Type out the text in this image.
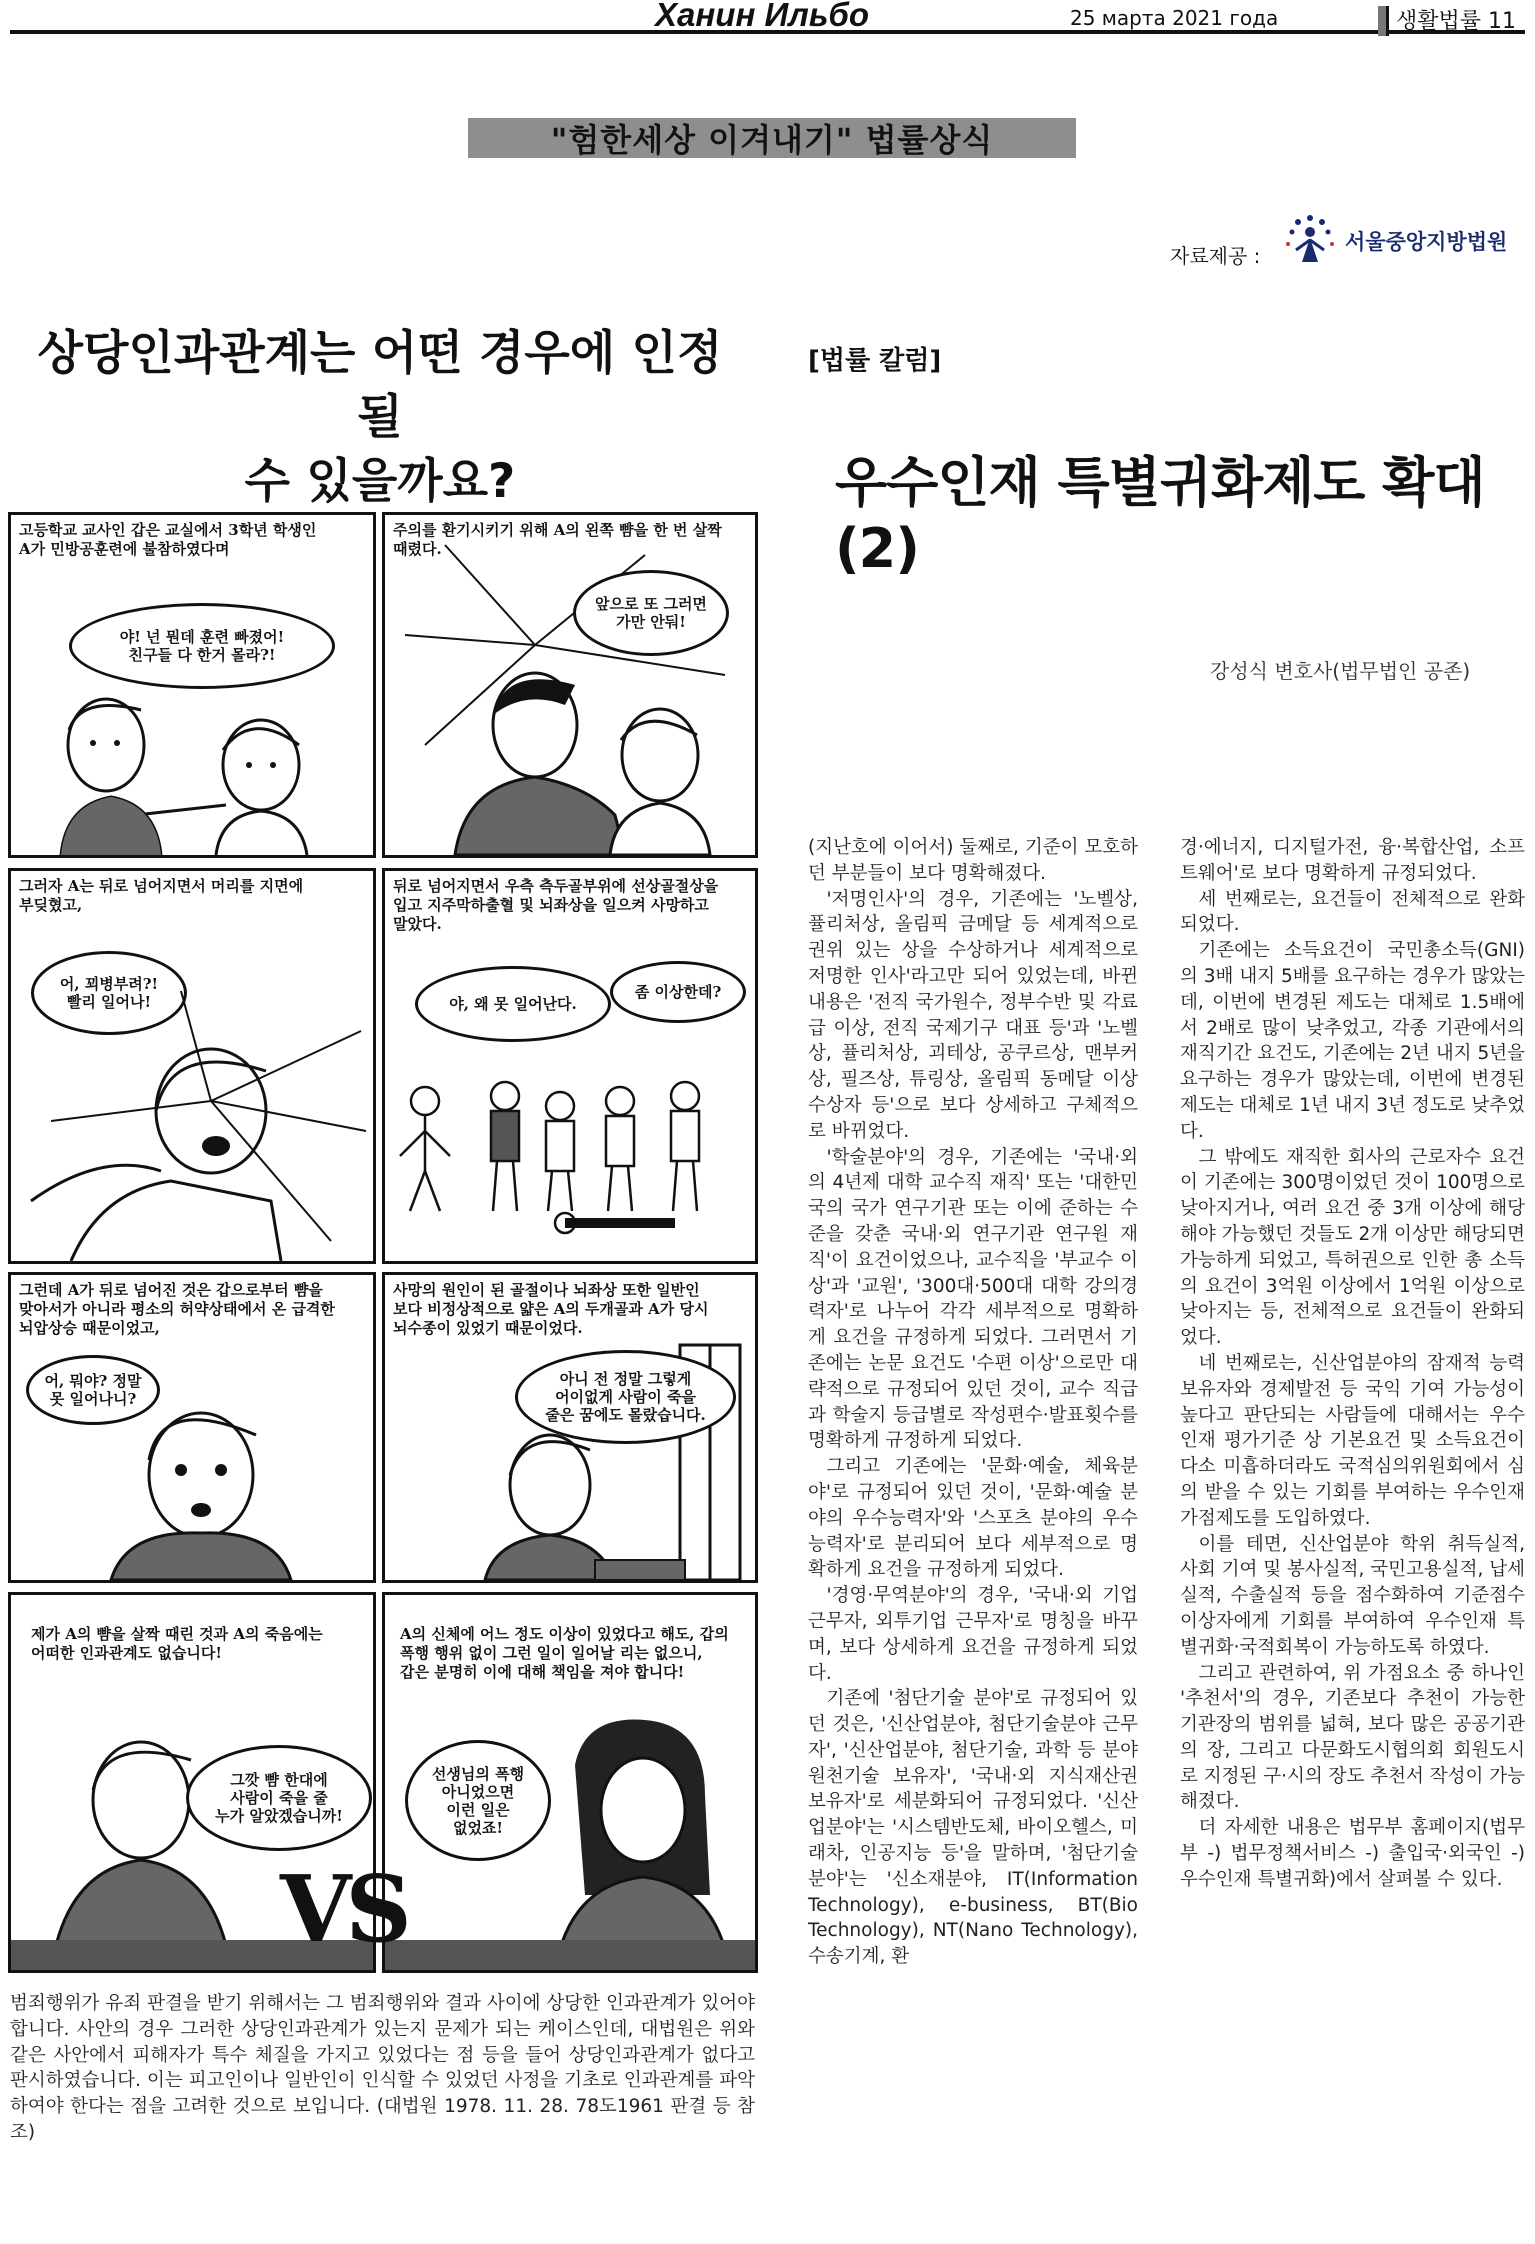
Ханин Ильбо	25 марта 2021 года	생활법률 11
"험한세상 이겨내기" 법률상식
자료제공 :
서울중앙지방법원
상당인과관계는 어떤 경우에 인정될
수 있을까요?
[법률 칼럼]
우수인재 특별귀화제도 확대 (2)
강성식 변호사(법무법인 공존)
고등학교 교사인 갑은 교실에서 3학년 학생인
A가 민방공훈련에 불참하였다며
야! 넌 뭔데 훈련 빠졌어!
친구들 다 한거 몰라?!
주의를 환기시키기 위해 A의 왼쪽 뺨을 한 번 살짝
때렸다.
앞으로 또 그러면
가만 안둬!
그러자 A는 뒤로 넘어지면서 머리를 지면에
부딪혔고,
어, 꾀병부려?!
빨리 일어나!
뒤로 넘어지면서 우측 측두골부위에 선상골절상을
입고 지주막하출혈 및 뇌좌상을 일으켜 사망하고
말았다.
야, 왜 못 일어난다.
좀 이상한데?
그런데 A가 뒤로 넘어진 것은 갑으로부터 뺨을
맞아서가 아니라 평소의 허약상태에서 온 급격한
뇌압상승 때문이었고,
어, 뭐야? 정말
못 일어나니?
사망의 원인이 된 골절이나 뇌좌상 또한 일반인
보다 비정상적으로 얇은 A의 두개골과 A가 당시
뇌수종이 있었기 때문이었다.
아니 전 정말 그렇게
어이없게 사람이 죽을
줄은 꿈에도 몰랐습니다.
제가 A의 뺨을 살짝 때린 것과 A의 죽음에는
어떠한 인과관계도 없습니다!
그깟 뺨 한대에
사람이 죽을 줄
누가 알았겠습니까!
A의 신체에 어느 정도 이상이 있었다고 해도, 갑의
폭행 행위 없이 그런 일이 일어날 리는 없으니,
갑은 분명히 이에 대해 책임을 져야 합니다!
선생님의 폭행
아니었으면
이런 일은
없었죠!
VS
범죄행위가 유죄 판결을 받기 위해서는 그 범죄행위와 결과 사이에 상당한 인과관계가 있어야 합니다. 사안의 경우 그러한 상당인과관계가 있는지 문제가 되는 케이스인데, 대법원은 위와 같은 사안에서 피해자가 특수 체질을 가지고 있었다는 점 등을 들어 상당인과관계가 없다고 판시하였습니다. 이는 피고인이나 일반인이 인식할 수 있었던 사정을 기초로 인과관계를 파악하여야 한다는 점을 고려한 것으로 보입니다. (대법원 1978. 11. 28. 78도1961 판결 등 참조)

(지난호에 이어서) 둘째로, 기준이 모호하던 부분들이 보다 명확해졌다.

'저명인사'의 경우, 기존에는 '노벨상, 퓰리처상, 올림픽 금메달 등 세계적으로 권위 있는 상을 수상하거나 세계적으로 저명한 인사'라고만 되어 있었는데, 바뀐 내용은 '전직 국가원수, 정부수반 및 각료급 이상, 전직 국제기구 대표 등'과 '노벨상, 퓰리처상, 괴테상, 공쿠르상, 맨부커상, 필즈상, 튜링상, 올림픽 동메달 이상 수상자 등'으로 보다 상세하고 구체적으로 바뀌었다.

'학술분야'의 경우, 기존에는 '국내·외의 4년제 대학 교수직 재직' 또는 '대한민국의 국가 연구기관 또는 이에 준하는 수준을 갖춘 국내·외 연구기관 연구원 재직'이 요건이었으나, 교수직을 '부교수 이상'과 '교원', '300대·500대 대학 강의경력자'로 나누어 각각 세부적으로 명확하게 요건을 규정하게 되었다. 그러면서 기존에는 논문 요건도 '수편 이상'으로만 대략적으로 규정되어 있던 것이, 교수 직급과 학술지 등급별로 작성편수·발표횟수를 명확하게 규정하게 되었다.

그리고 기존에는 '문화·예술, 체육분야'로 규정되어 있던 것이, '문화·예술 분야의 우수능력자'와 '스포츠 분야의 우수능력자'로 분리되어 보다 세부적으로 명확하게 요건을 규정하게 되었다.

'경영·무역분야'의 경우, '국내·외 기업 근무자, 외투기업 근무자'로 명칭을 바꾸며, 보다 상세하게 요건을 규정하게 되었다.

기존에 '첨단기술 분야'로 규정되어 있던 것은, '신산업분야, 첨단기술분야 근무자', '신산업분야, 첨단기술, 과학 등 분야 원천기술 보유자', '국내·외 지식재산권 보유자'로 세분화되어 규정되었다. '신산업분야'는 '시스템반도체, 바이오헬스, 미래차, 인공지능 등'을 말하며, '첨단기술분야'는 '신소재분야, IT(Information Technology), e-business, BT(Bio Technology), NT(Nano Technology), 수송기계, 환

경·에너지, 디지털가전, 융·복합산업, 소프트웨어'로 보다 명확하게 규정되었다.

세 번째로는, 요건들이 전체적으로 완화되었다.

기존에는 소득요건이 국민총소득(GNI)의 3배 내지 5배를 요구하는 경우가 많았는데, 이번에 변경된 제도는 대체로 1.5배에서 2배로 많이 낮추었고, 각종 기관에서의 재직기간 요건도, 기존에는 2년 내지 5년을 요구하는 경우가 많았는데, 이번에 변경된 제도는 대체로 1년 내지 3년 정도로 낮추었다.

그 밖에도 재직한 회사의 근로자수 요건이 기존에는 300명이었던 것이 100명으로 낮아지거나, 여러 요건 중 3개 이상에 해당해야 가능했던 것들도 2개 이상만 해당되면 가능하게 되었고, 특허권으로 인한 총 소득의 요건이 3억원 이상에서 1억원 이상으로 낮아지는 등, 전체적으로 요건들이 완화되었다.

네 번째로는, 신산업분야의 잠재적 능력 보유자와 경제발전 등 국익 기여 가능성이 높다고 판단되는 사람들에 대해서는 우수인재 평가기준 상 기본요건 및 소득요건이 다소 미흡하더라도 국적심의위원회에서 심의 받을 수 있는 기회를 부여하는 우수인재 가점제도를 도입하였다.

이를 테면, 신산업분야 학위 취득실적, 사회 기여 및 봉사실적, 국민고용실적, 납세실적, 수출실적 등을 점수화하여 기준점수 이상자에게 기회를 부여하여 우수인재 특별귀화·국적회복이 가능하도록 하였다.

그리고 관련하여, 위 가점요소 중 하나인 '추천서'의 경우, 기존보다 추천이 가능한 기관장의 범위를 넓혀, 보다 많은 공공기관의 장, 그리고 다문화도시협의회 회원도시로 지정된 구·시의 장도 추천서 작성이 가능해졌다.

더 자세한 내용은 법무부 홈페이지(법무부 -) 법무정책서비스 -) 출입국·외국인 -) 우수인재 특별귀화)에서 살펴볼 수 있다.
